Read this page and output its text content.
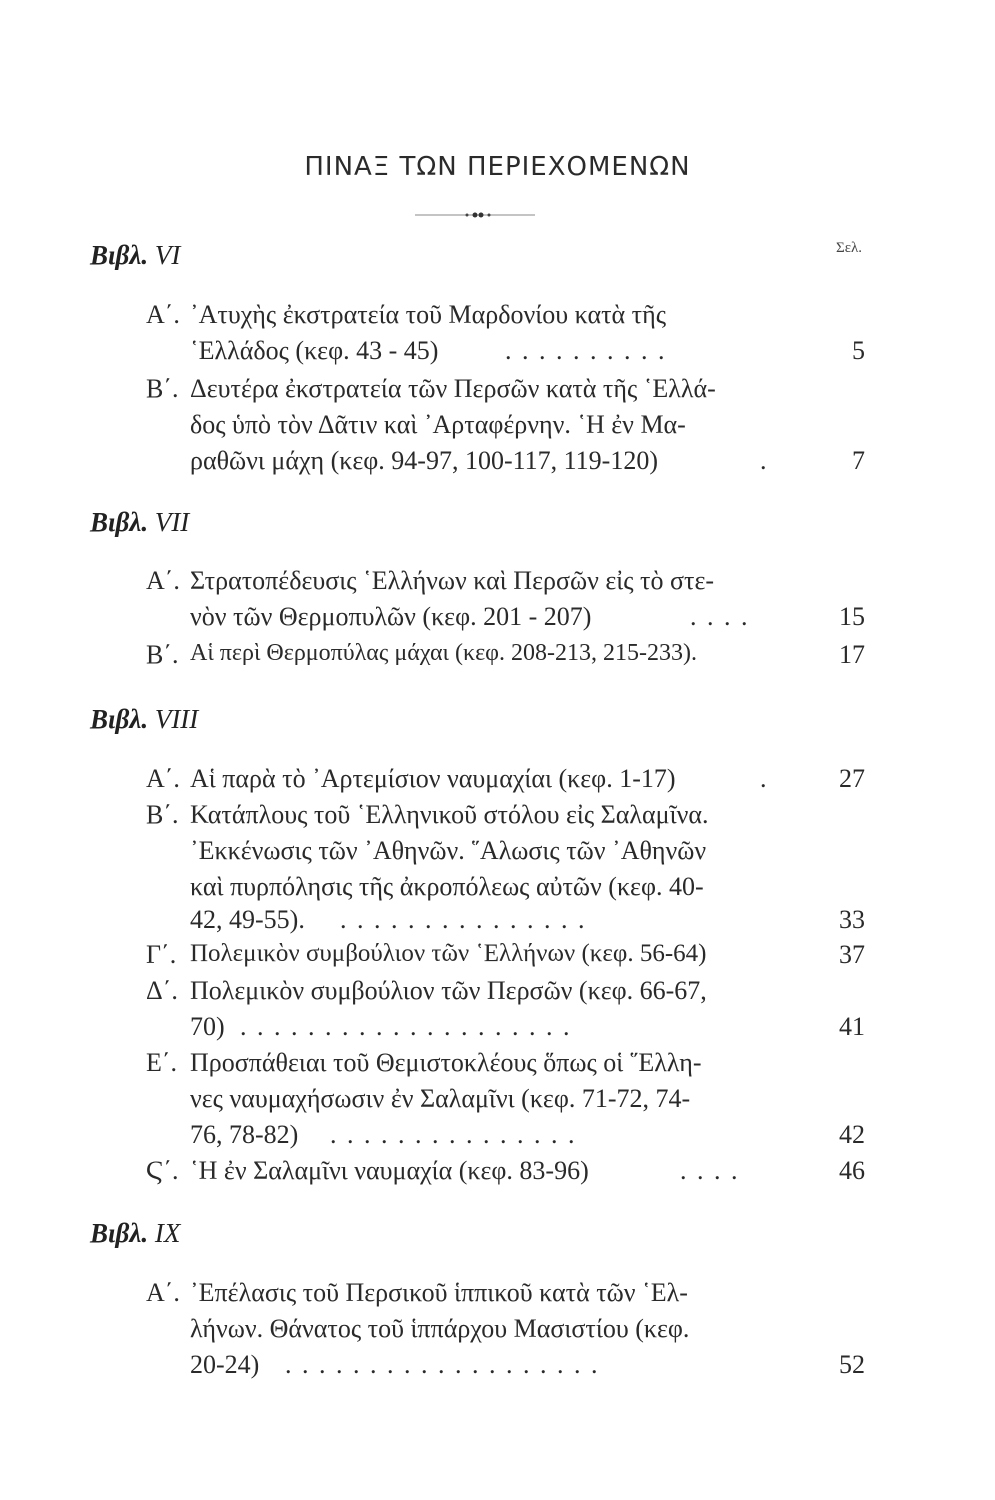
ΠΙΝΑΞ ΤΩΝ ΠΕΡΙΕΧΟΜΕΝΩΝ
Σελ.
Βιβλ. VI
Α΄. ᾿Ατυχὴς ἐκστρατεία τοῦ Μαρδονίου κατὰ τῆς
῾Ελλάδος (κεφ. 43 - 45)	. . . . . . . . . .	5
Β΄. Δευτέρα ἐκστρατεία τῶν Περσῶν κατὰ τῆς ῾Ελλά-
δος ὑπὸ τὸν Δᾶτιν καὶ ᾿Αρταφέρνην. ῾Η ἐν Μα-
ραθῶνι μάχη (κεφ. 94-97, 100-117, 119-120)	.	7
Βιβλ. VII
Α΄. Στρατοπέδευσις ῾Ελλήνων καὶ Περσῶν εἰς τὸ στε-
νὸν τῶν Θερμοπυλῶν (κεφ. 201 - 207)	. . . .	15
Β΄. Αἱ περὶ Θερμοπύλας μάχαι (κεφ. 208-213, 215-233).	17
Βιβλ. VIII
Α΄. Αἱ παρὰ τὸ ᾿Αρτεμίσιον ναυμαχίαι (κεφ. 1-17)	.	27
Β΄. Κατάπλους τοῦ ῾Ελληνικοῦ στόλου εἰς Σαλαμῖνα.
᾿Εκκένωσις τῶν ᾿Αθηνῶν. ῞Αλωσις τῶν ᾿Αθηνῶν
καὶ πυρπόλησις τῆς ἀκροπόλεως αὐτῶν (κεφ. 40-
42, 49-55). . . . . . . . . . . . . . . .	33
Γ΄. Πολεμικὸν συμβούλιον τῶν ῾Ελλήνων (κεφ. 56-64)	37
Δ΄. Πολεμικὸν συμβούλιον τῶν Περσῶν (κεφ. 66-67,
70) . . . . . . . . . . . . . . . . . . . .	41
Ε΄. Προσπάθειαι τοῦ Θεμιστοκλέους ὅπως οἱ ῞Ελλη-
νες ναυμαχήσωσιν ἐν Σαλαμῖνι (κεφ. 71-72, 74-
76, 78-82) . . . . . . . . . . . . . . .	42
Ϛ΄. ῾Η ἐν Σαλαμῖνι ναυμαχία (κεφ. 83-96)	. . . .	46
Βιβλ. IX
Α΄. ᾿Επέλασις τοῦ Περσικοῦ ἱππικοῦ κατὰ τῶν ῾Ελ-
λήνων. Θάνατος τοῦ ἱππάρχου Μασιστίου (κεφ.
20-24) . . . . . . . . . . . . . . . . . . .	52
